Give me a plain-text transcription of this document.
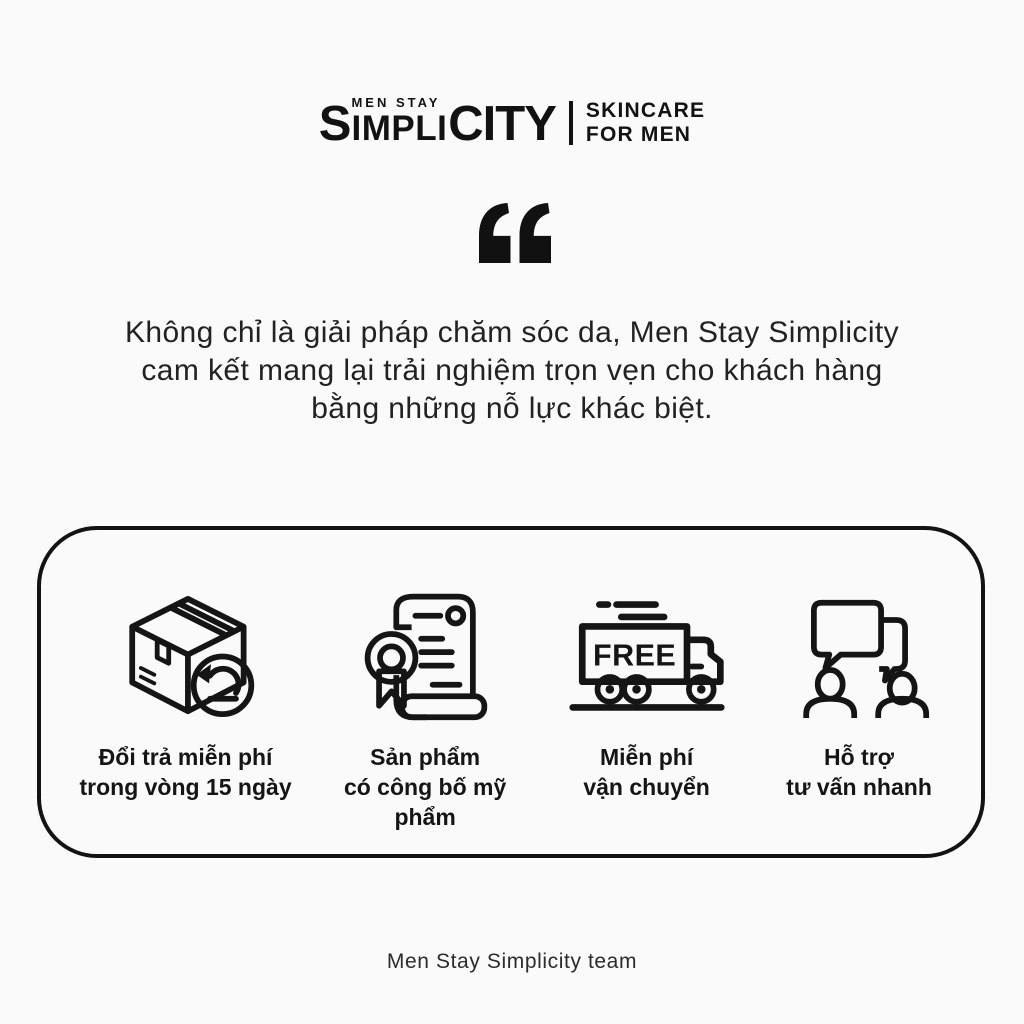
S MEN STAY
IMPLI CITY SKINCARE
FOR MEN

Không chỉ là giải pháp chăm sóc da, Men Stay Simplicity

cam kết mang lại trải nghiệm trọn vẹn cho khách hàng

bằng những nỗ lực khác biệt.

Đổi trả miễn phí
trong vòng 15 ngày
Sản phẩm
có công bố mỹ phẩm
FREE
Miễn phí
vận chuyển
Hỗ trợ
tư vấn nhanh
Men Stay Simplicity team
